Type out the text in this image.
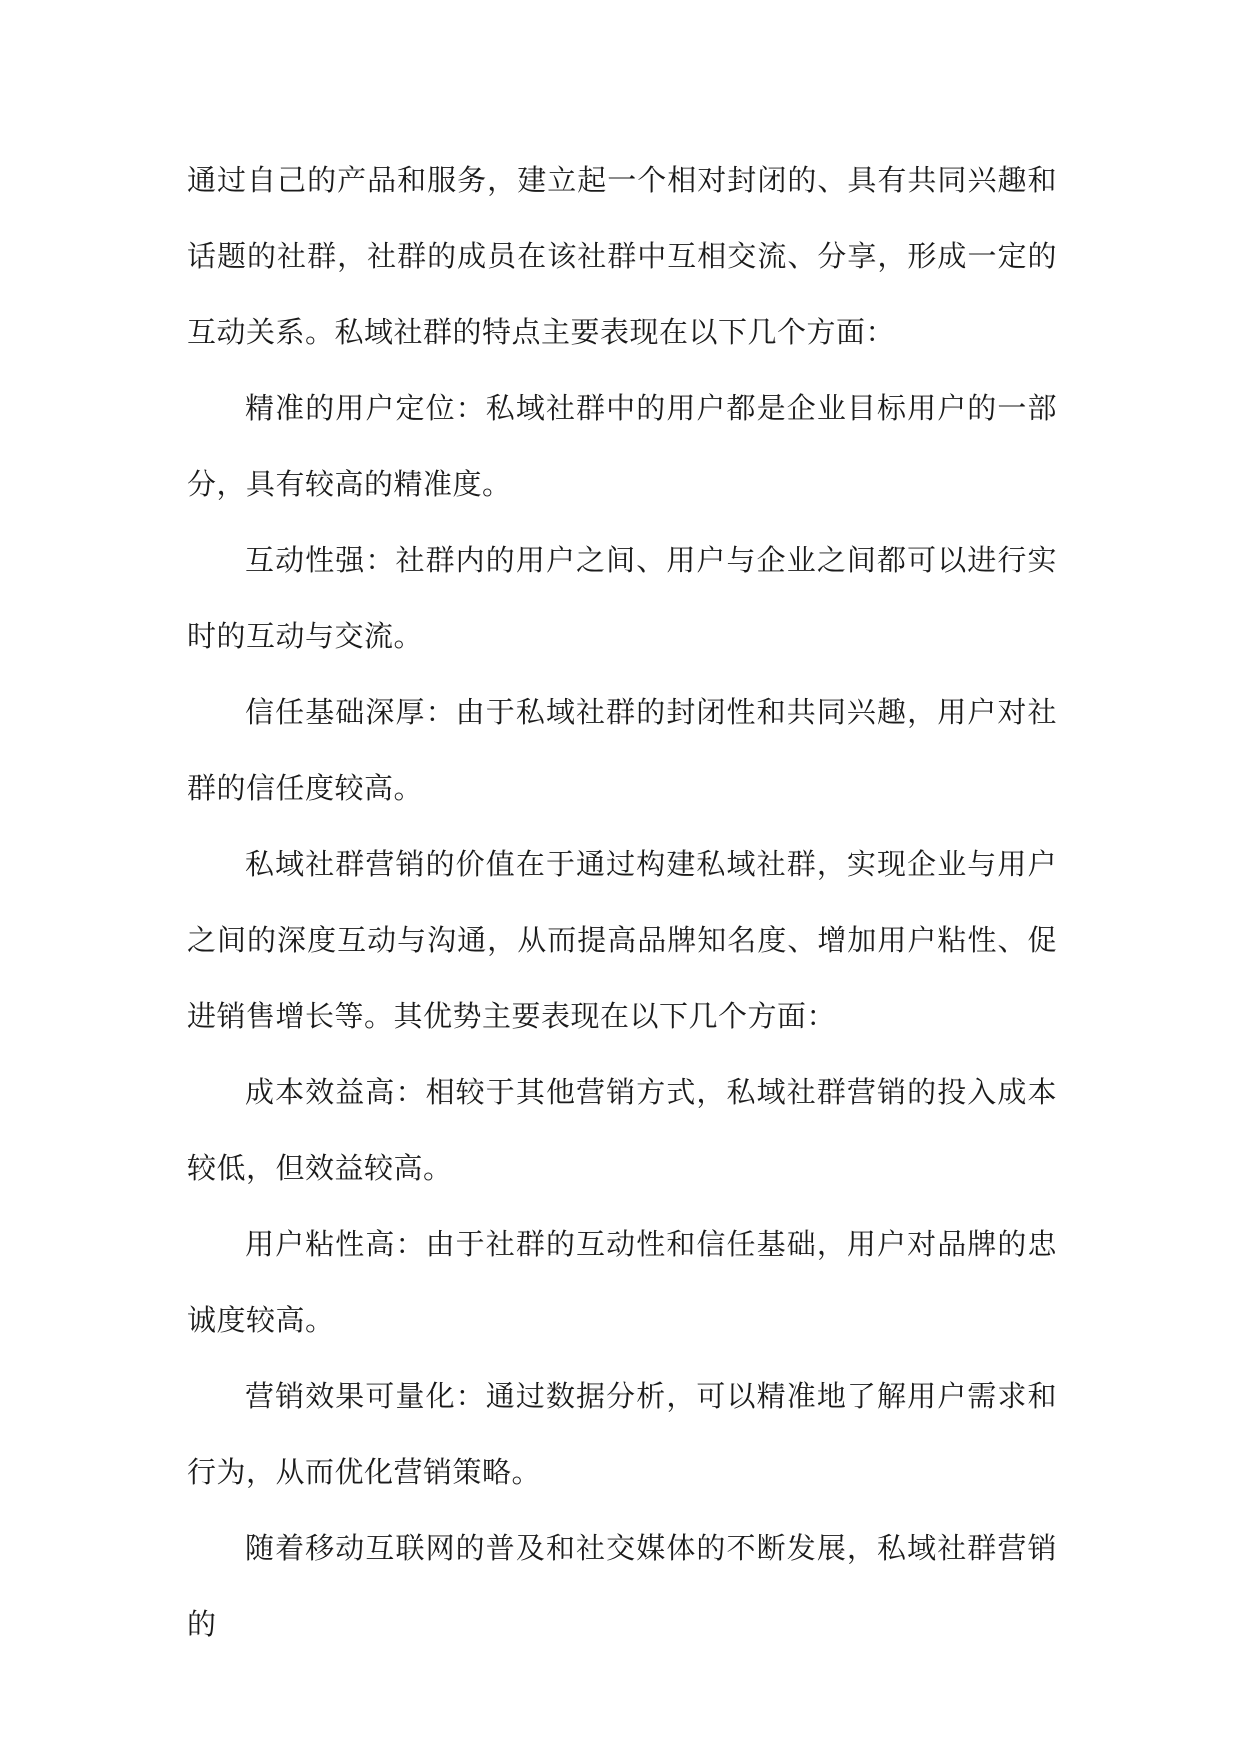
通过自己的产品和服务，建立起一个相对封闭的、具有共同兴趣和话题的社群，社群的成员在该社群中互相交流、分享，形成一定的互动关系。私域社群的特点主要表现在以下几个方面：

精准的用户定位：私域社群中的用户都是企业目标用户的一部分，具有较高的精准度。

互动性强：社群内的用户之间、用户与企业之间都可以进行实时的互动与交流。

信任基础深厚：由于私域社群的封闭性和共同兴趣，用户对社群的信任度较高。

私域社群营销的价值在于通过构建私域社群，实现企业与用户之间的深度互动与沟通，从而提高品牌知名度、增加用户粘性、促进销售增长等。其优势主要表现在以下几个方面：

成本效益高：相较于其他营销方式，私域社群营销的投入成本较低，但效益较高。

用户粘性高：由于社群的互动性和信任基础，用户对品牌的忠诚度较高。

营销效果可量化：通过数据分析，可以精准地了解用户需求和行为，从而优化营销策略。

随着移动互联网的普及和社交媒体的不断发展，私域社群营销的
